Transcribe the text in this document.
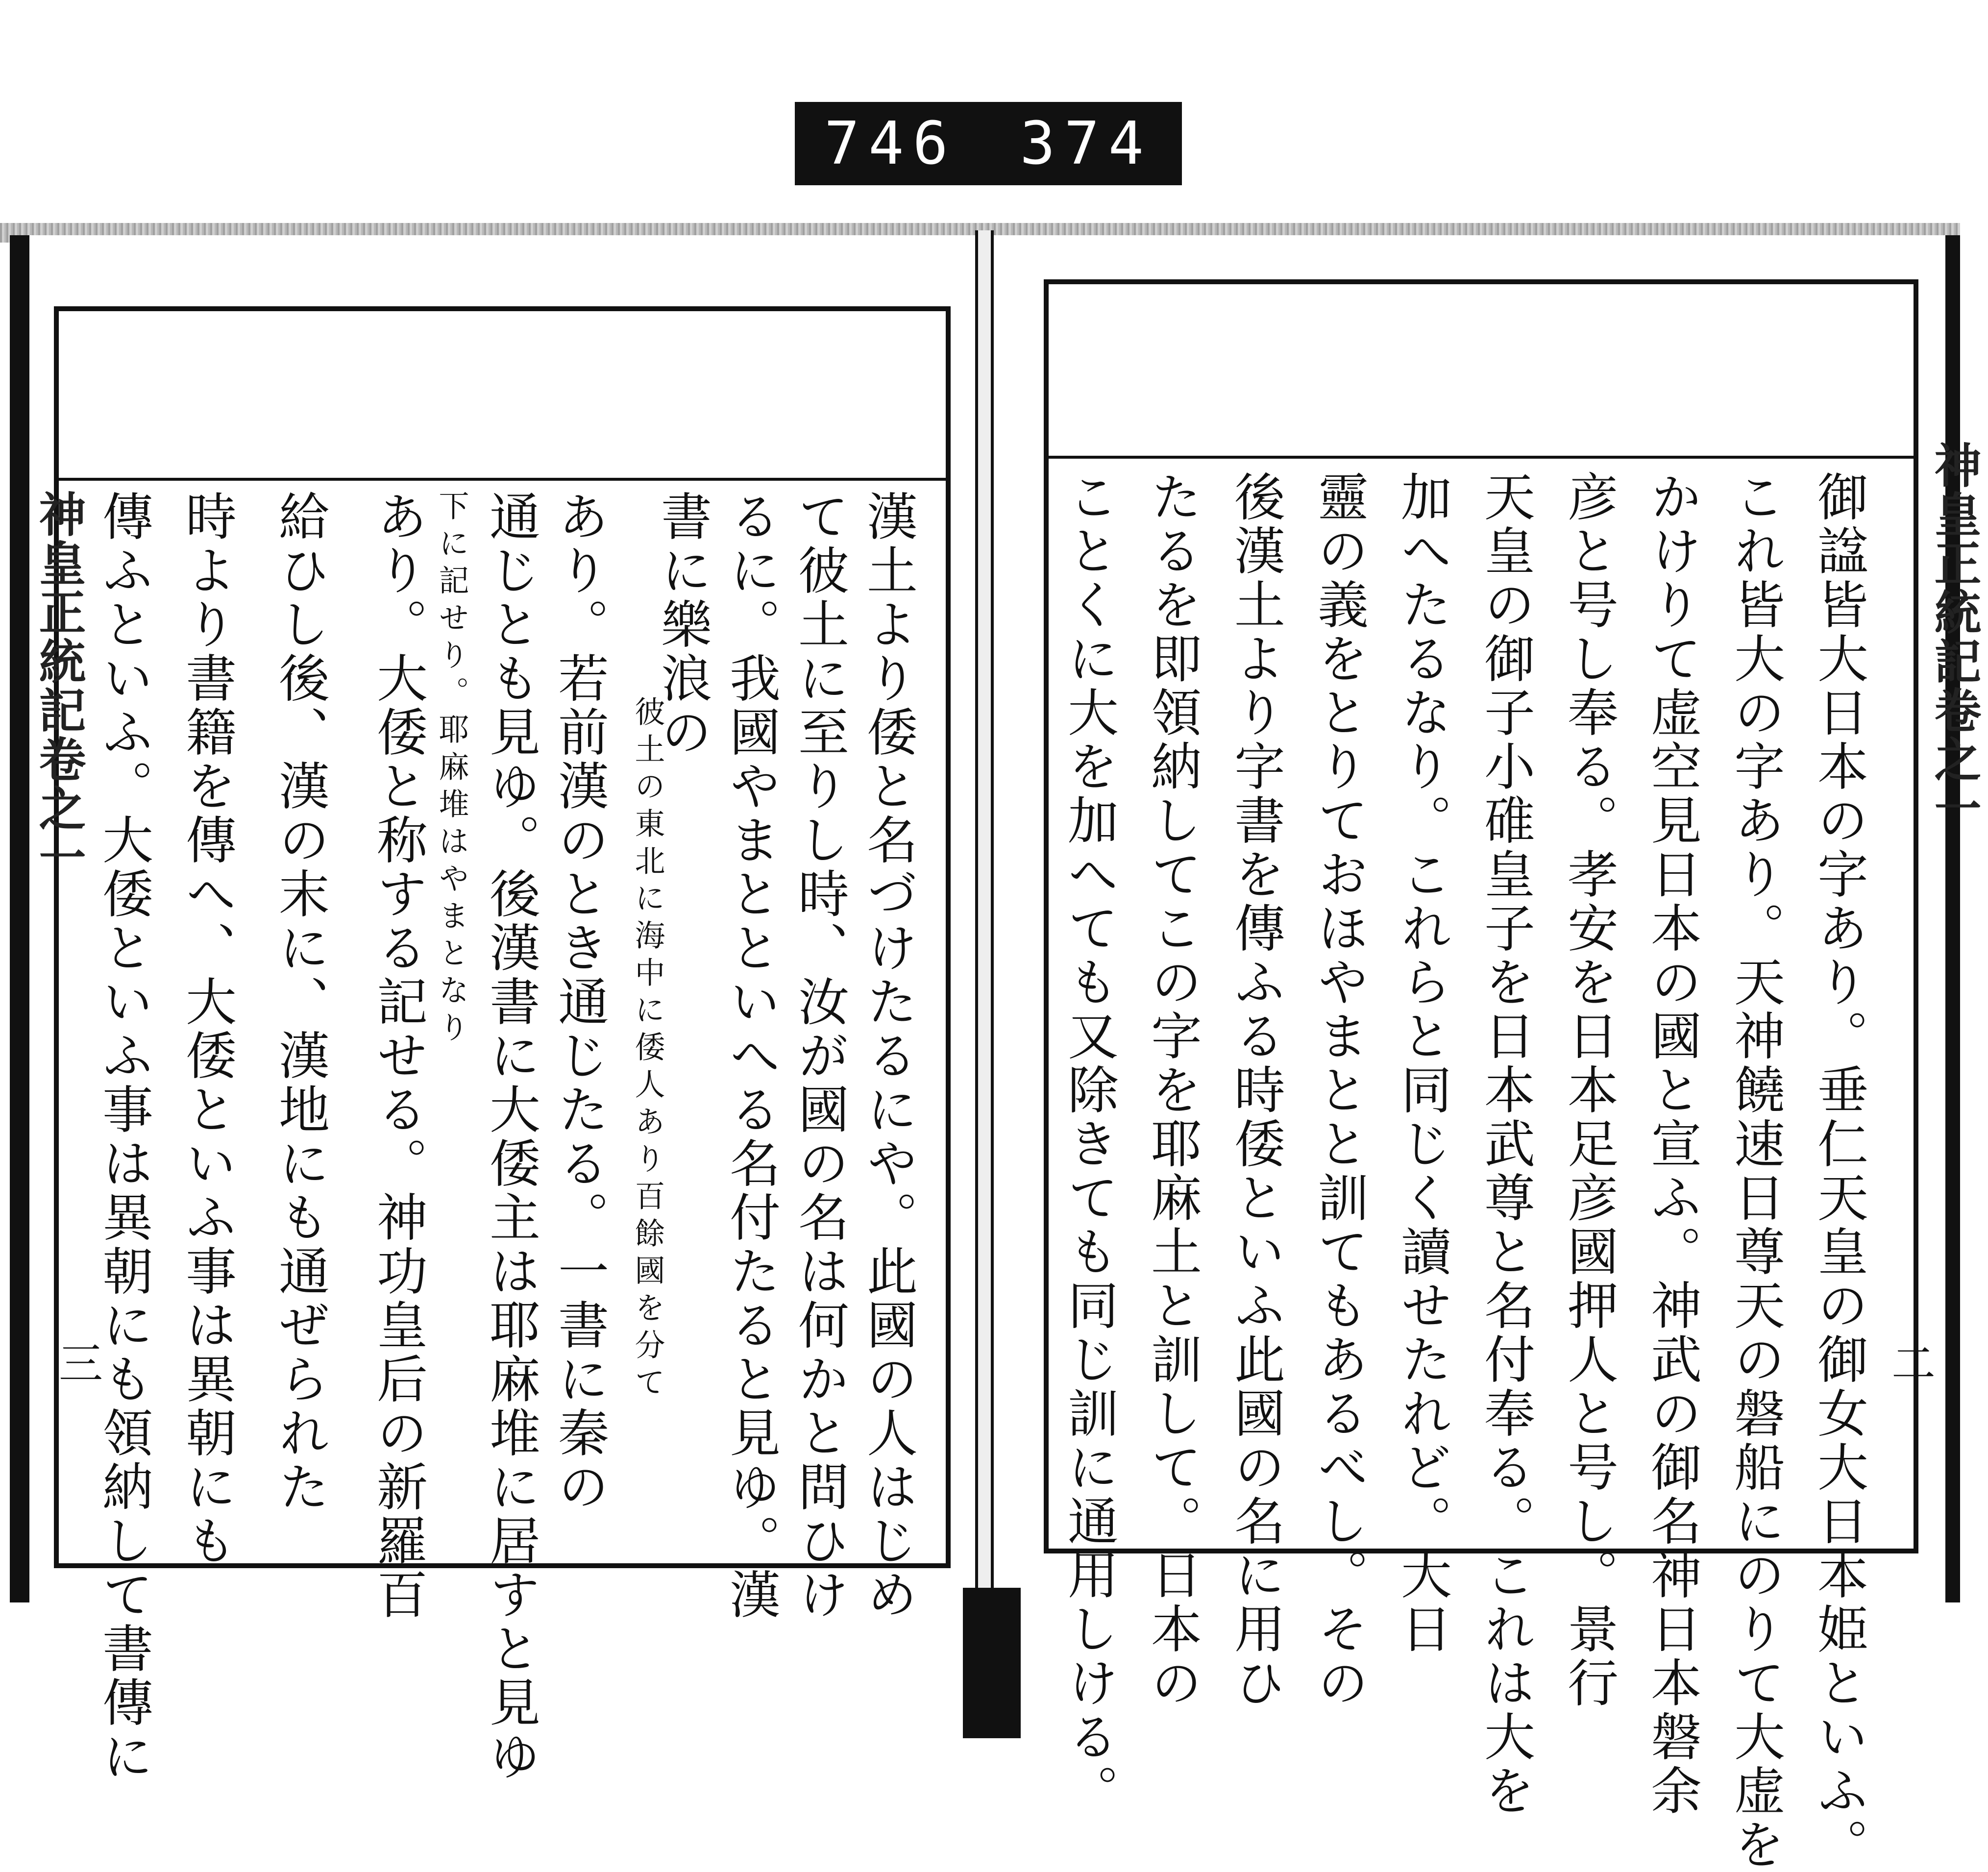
746 374
神皇正統記卷之一
三	漢土より倭と名づけたるにや。此國の人はじめ
て彼土に至りし時、汝が國の名は何かと問ひけ
るに。我國やまとといへる名付たると見ゆ。漢
書に樂浪の
彼土の東北に海中に倭人あり百餘國を分て
あり。若前漢のとき通じたる。一書に秦の
通じとも見ゆ。後漢書に大倭主は耶麻堆に居すと見ゆ
下に記せり。耶麻堆はやまとなり
あり。大倭と称する記せる。神功皇后の新羅百
給ひし後、漢の末に、漢地にも通ぜられた
時より書籍を傳へ、大倭といふ事は異朝にも
傳ふといふ。大倭といふ事は異朝にも領納して書傳に	神皇正統記卷之一
二
御諡皆大日本の字あり。垂仁天皇の御女大日本姫といふ。
これ皆大の字あり。天神饒速日尊天の磐船にのりて大虚を
かけりて虚空見日本の國と宣ふ。神武の御名神日本磐余
彦と号し奉る。孝安を日本足彦國押人と号し。景行
天皇の御子小碓皇子を日本武尊と名付奉る。これは大を
加へたるなり。これらと同じく讀せたれど。大日
靈の義をとりておほやまとと訓てもあるべし。その
後漢土より字書を傳ふる時倭といふ此國の名に用ひ
たるを即領納してこの字を耶麻土と訓して。日本の
ことくに大を加へても又除きても同じ訓に通用しける。
